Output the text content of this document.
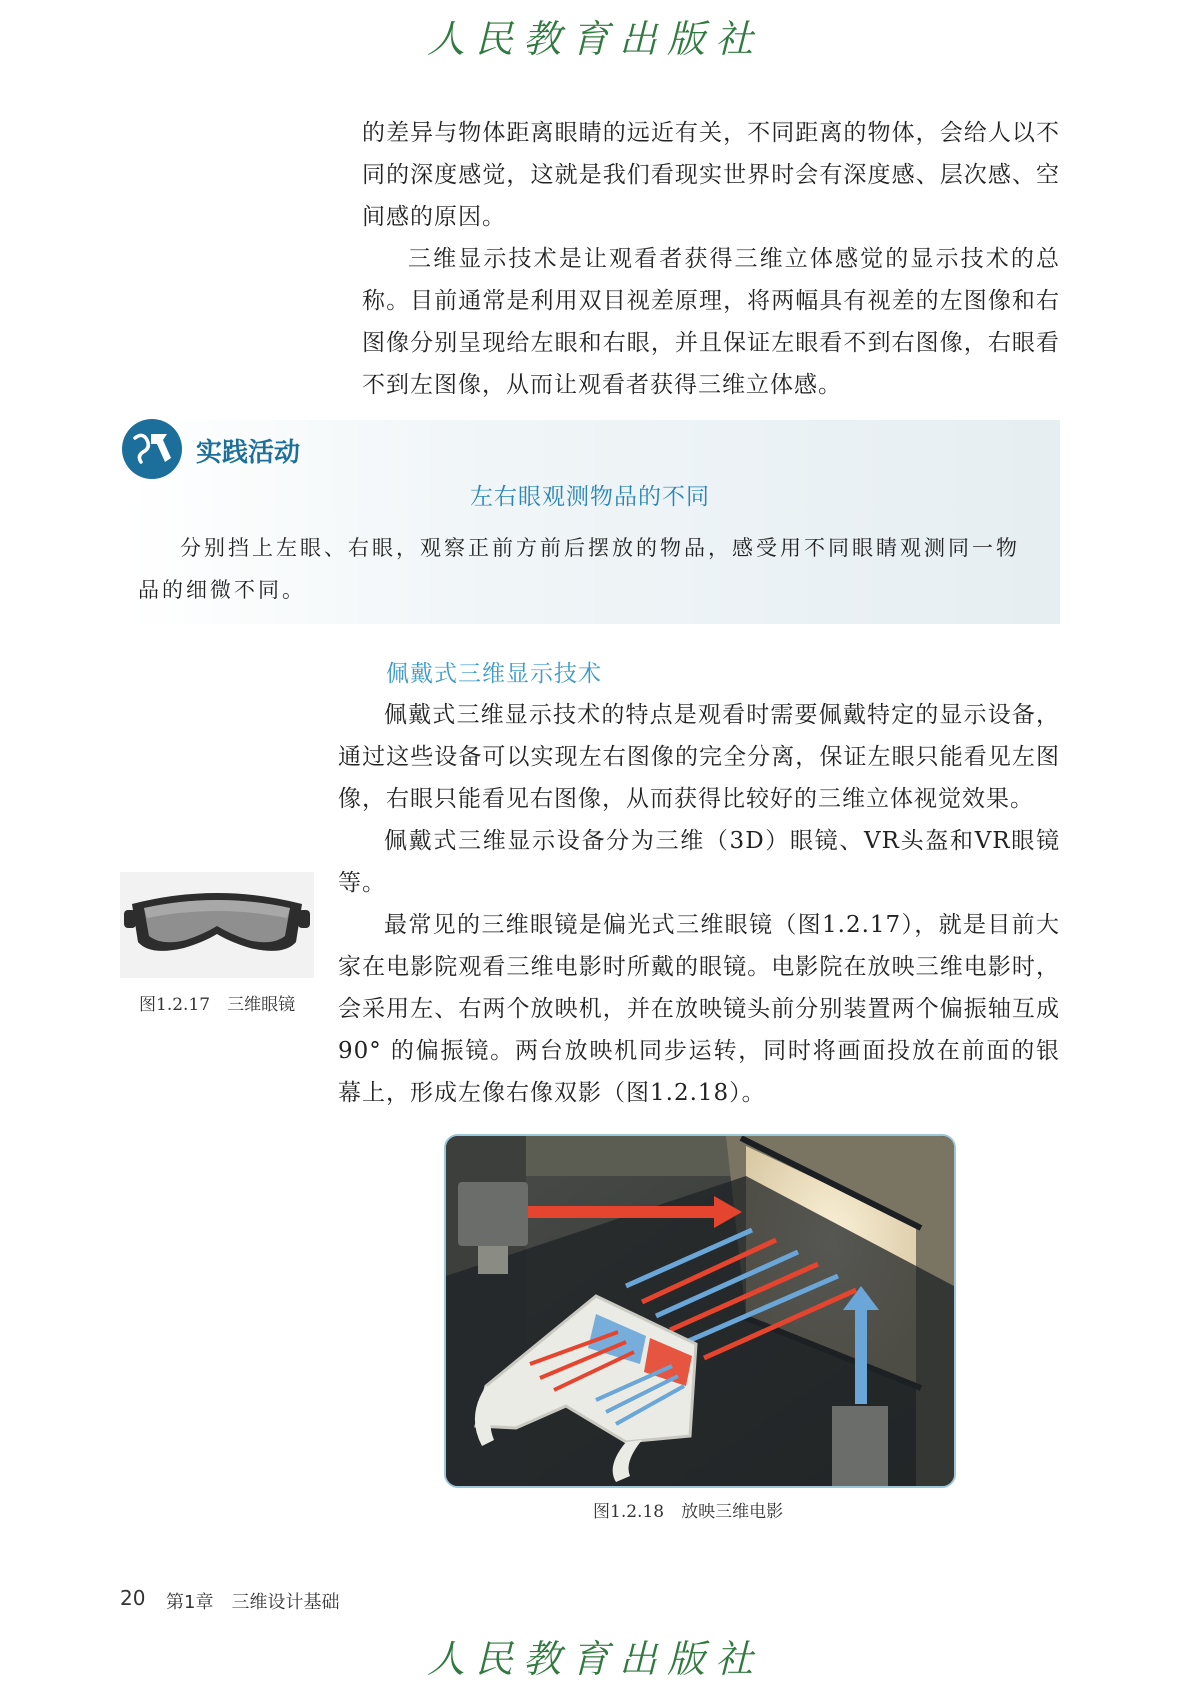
人民教育出版社

的差异与物体距离眼睛的远近有关，不同距离的物体，会给人以不同的深度感觉，这就是我们看现实世界时会有深度感、层次感、空间感的原因。

三维显示技术是让观看者获得三维立体感觉的显示技术的总称。目前通常是利用双目视差原理，将两幅具有视差的左图像和右图像分别呈现给左眼和右眼，并且保证左眼看不到右图像，右眼看不到左图像，从而让观看者获得三维立体感。

实践活动
左右眼观测物品的不同

分别挡上左眼、右眼，观察正前方前后摆放的物品，感受用不同眼睛观测同一物品的细微不同。

佩戴式三维显示技术

佩戴式三维显示技术的特点是观看时需要佩戴特定的显示设备，通过这些设备可以实现左右图像的完全分离，保证左眼只能看见左图像，右眼只能看见右图像，从而获得比较好的三维立体视觉效果。

佩戴式三维显示设备分为三维（3D）眼镜、VR头盔和VR眼镜等。

最常见的三维眼镜是偏光式三维眼镜（图1.2.17），就是目前大家在电影院观看三维电影时所戴的眼镜。电影院在放映三维电影时，会采用左、右两个放映机，并在放映镜头前分别装置两个偏振轴互成90° 的偏振镜。两台放映机同步运转，同时将画面投放在前面的银幕上，形成左像右像双影（图1.2.18）。

图1.2.17　三维眼镜
图1.2.18　放映三维电影
20 第1章　三维设计基础
人民教育出版社
